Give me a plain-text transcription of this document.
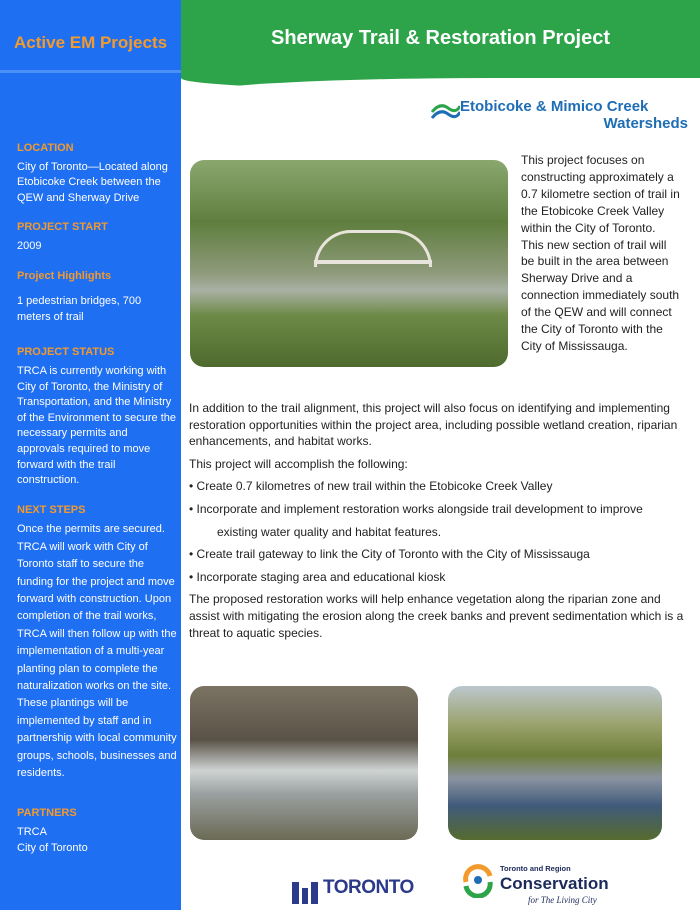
Active EM Projects
LOCATION

City of Toronto—Located along Etobicoke Creek between the QEW and Sherway Drive

PROJECT START

2009

Project Highlights

1 pedestrian bridges, 700 meters of trail

PROJECT STATUS

TRCA is currently working with City of Toronto, the Ministry of Transportation, and the Ministry of the Environment to secure the necessary permits and approvals required to move forward with the trail construction.

NEXT STEPS

Once the permits are secured. TRCA will work with City of Toronto staff to secure the funding for the project and move forward with construction. Upon completion of the trail works, TRCA will then follow up with the implementation of a multi-year planting plan to complete the naturalization works on the site. These plantings will be implemented by staff and in partnership with local community groups, schools, businesses and residents.

PARTNERS

TRCA

City of Toronto

Sherway Trail & Restoration Project
Etobicoke & Mimico Creek
Watersheds

This project focuses on constructing approximately a 0.7 kilometre section of trail in the Etobicoke Creek Valley within the City of Toronto. This new section of trail will be built in the area between Sherway Drive and a connection immediately south of the QEW and will connect the City of Toronto with the City of Mississauga.

In addition to the trail alignment, this project will also focus on identifying and implementing restoration opportunities within the project area, including possible wetland creation, riparian enhancements, and habitat works.

This project will accomplish the following:

• Create 0.7 kilometres of new trail within the Etobicoke Creek Valley
• Incorporate and implement restoration works alongside trail development to improve
existing water quality and habitat features.
• Create trail gateway to link the City of Toronto with the City of Mississauga
• Incorporate staging area and educational kiosk

The proposed restoration works will help enhance vegetation along the riparian zone and assist with mitigating the erosion along the creek banks and prevent sedimentation which is a threat to aquatic species.

TORONTO
Toronto and Region
Conservation
for The Living City
